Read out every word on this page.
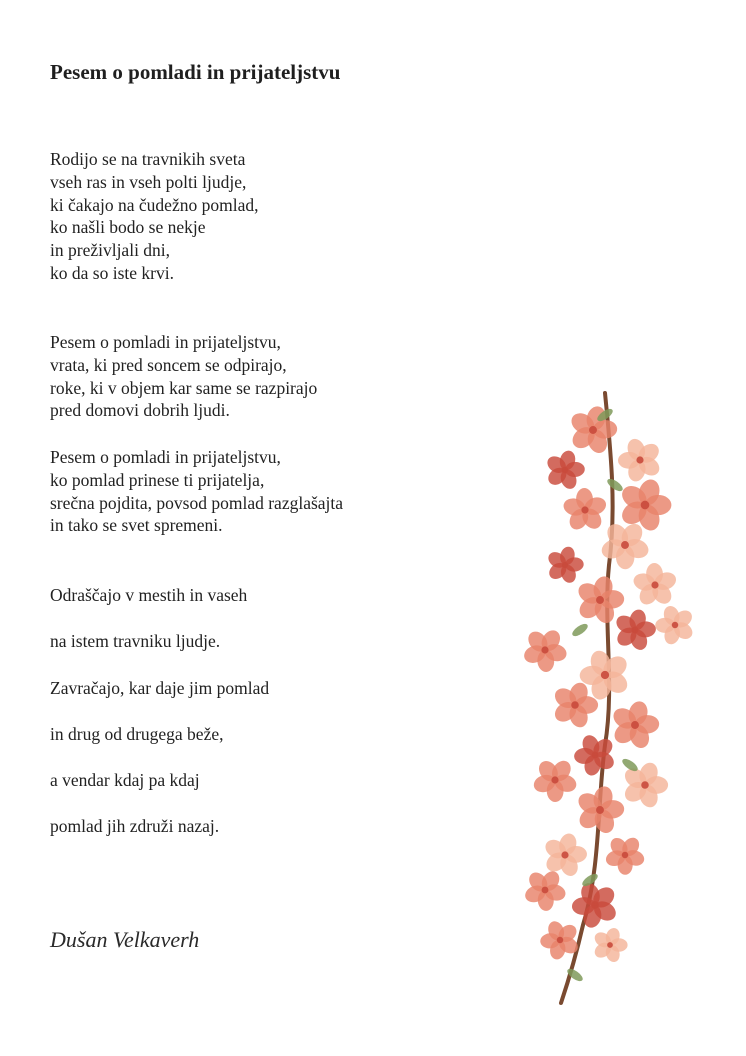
Pesem o pomladi in prijateljstvu
Rodijo se na travnikih sveta
vseh ras in vseh polti ljudje,
ki čakajo na čudežno pomlad,
ko našli bodo se nekje
in preživljali dni,
ko da so iste krvi.
Pesem o pomladi in prijateljstvu,
vrata, ki pred soncem se odpirajo,
roke, ki v objem kar same se razpirajo
pred domovi dobrih ljudi.
Pesem o pomladi in prijateljstvu,
ko pomlad prinese ti prijatelja,
srečna pojdita, povsod pomlad razglašajta
in tako se svet spremeni.
Odraščajo v mestih in vaseh
na istem travniku ljudje.
Zavračajo, kar daje jim pomlad
in drug od drugega beže,
a vendar kdaj pa kdaj
pomlad jih združi nazaj.
Dušan Velkaverh
